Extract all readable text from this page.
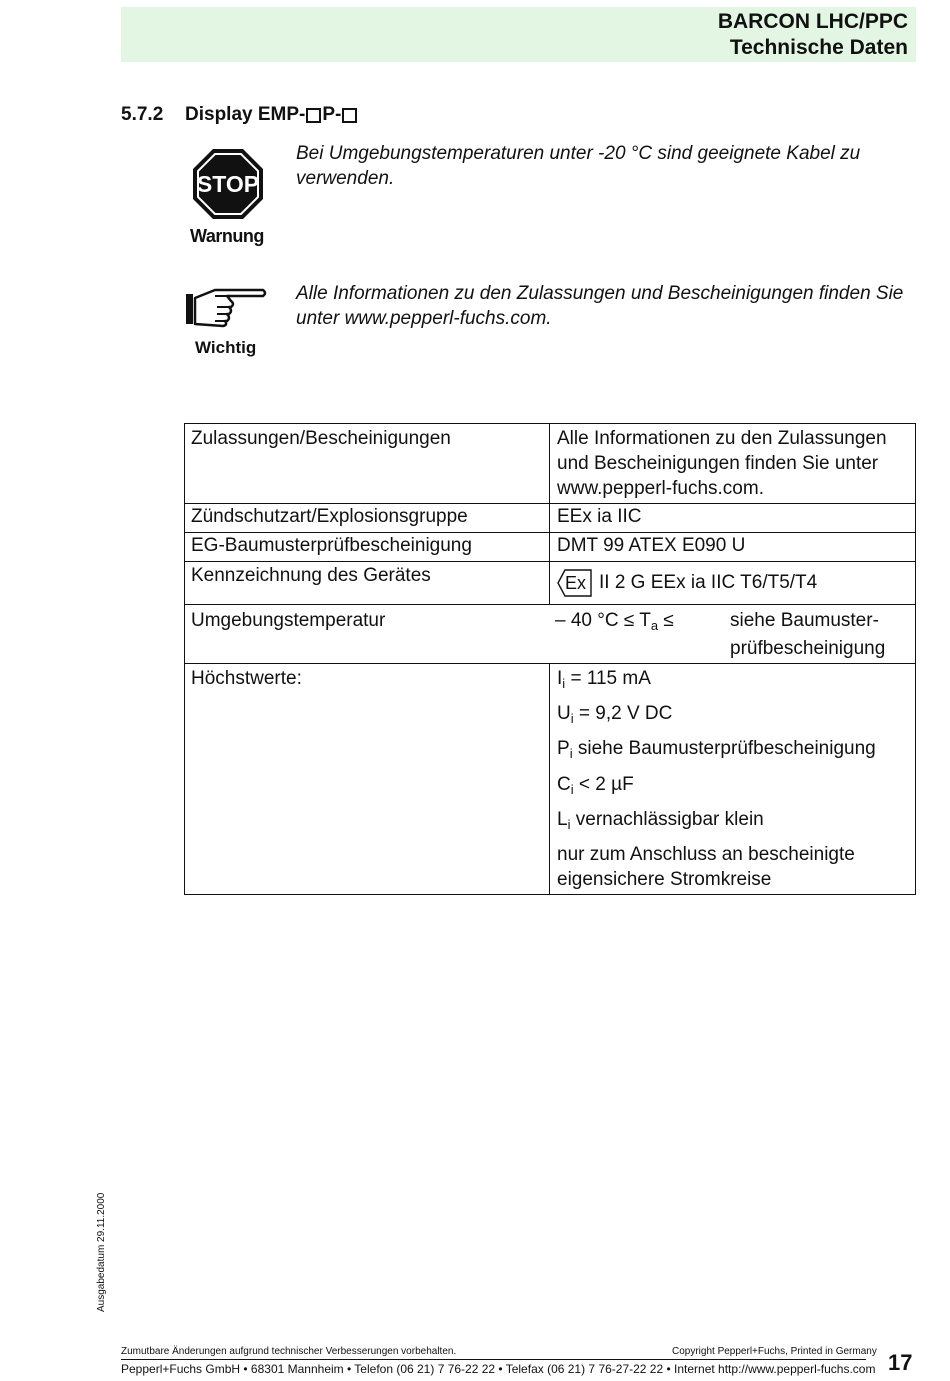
BARCON LHC/PPC
Technische Daten
5.7.2 Display EMP- P-
STOP
Warnung
Bei Umgebungstemperaturen unter -20 °C sind geeignete Kabel zu verwenden.
Wichtig
Alle Informationen zu den Zulassungen und Bescheinigungen finden Sie unter www.pepperl-fuchs.com.
Zulassungen/Bescheinigungen	Alle Informationen zu den Zulassungen und Bescheinigungen finden Sie unter www.pepperl-fuchs.com.
Zündschutzart/Explosionsgruppe	EEx ia IIC
EG-Baumusterprüfbescheinigung	DMT 99 ATEX E090 U
Kennzeichnung des Gerätes	Ex II 2 G EEx ia IIC T6/T5/T4
Umgebungstemperatur	– 40 $^\circ C \le T_a$ ≤	siehe Baumuster-
prüfbescheinigung
Höchstwerte:	$I_i = 115$ mA
$U_i = 9,2$ V DC
$P_i$ siehe Baumusterprüfbescheinigung
$C_i < 2$ µF
$L_i$ vernachlässigbar klein
nur zum Anschluss an bescheinigte
eigensichere Stromkreise
Ausgabedatum 29.11.2000
Zumutbare Änderungen aufgrund technischer Verbesserungen vorbehalten.	Copyright Pepperl+Fuchs, Printed in Germany
Pepperl+Fuchs GmbH • 68301 Mannheim • Telefon (06 21) 7 76-22 22 • Telefax (06 21) 7 76-27-22 22 • Internet http://www.pepperl-fuchs.com 17
